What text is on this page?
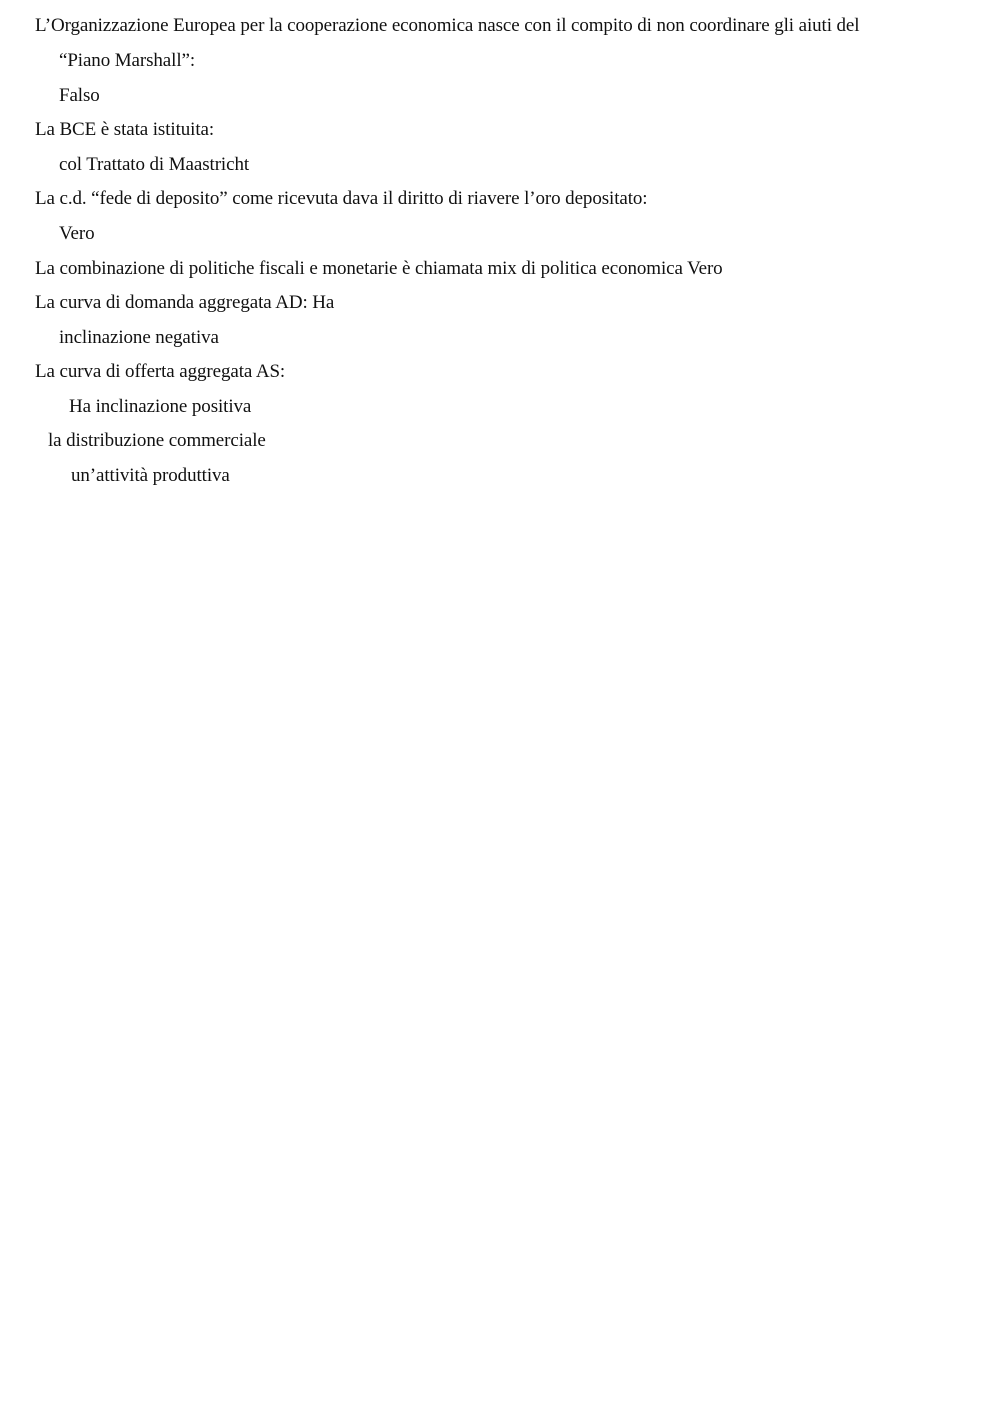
L’Organizzazione Europea per la cooperazione economica nasce con il compito di non coordinare gli aiuti del
“Piano Marshall”:
Falso
La BCE è stata istituita:
col Trattato di Maastricht
La c.d. “fede di deposito” come ricevuta dava il diritto di riavere l’oro depositato:
Vero
La combinazione di politiche fiscali e monetarie è chiamata mix di politica economica Vero
La curva di domanda aggregata AD: Ha
inclinazione negativa
La curva di offerta aggregata AS:
Ha inclinazione positiva
la distribuzione commerciale
un’attività produttiva
